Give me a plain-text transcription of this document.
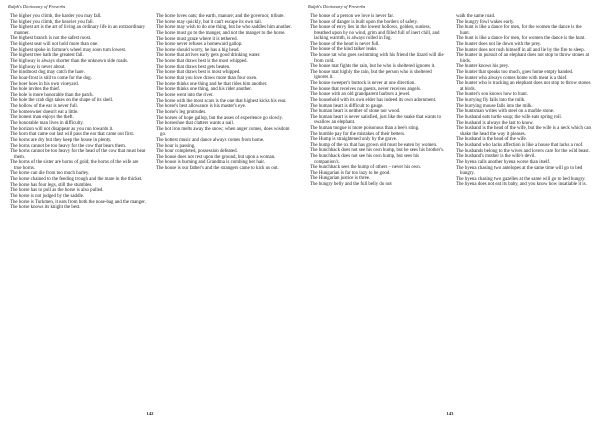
Ralph's Dictionary of Proverbs

The higher you climb, the harder you may fall.

The higher you climb, the heavier you fall.

The highest art is the art of living an ordinary life in an extraordinary manner.

The highest branch is not the safest roost.

The highest seat will not hold more than one.

The highest spoke in fortune's wheel may soon turn lowest.

The highest tree hath the greatest fall.

The highway is always shorter than the unknown side roads.

The highway is never about.

The hindmost dog may catch the hare.

The hoar-frost is still to come for the dog.

The hoer hoes in his own vineyard.

The hole invites the thief.

The hole is more honorable than the patch.

The hole the crab digs takes on the shape of its shell.

The hollow of the ear is never full.

The homeowner doesn't eat a little.

The honest man enjoys the theft.

The honorable man lives in difficulty.

The horizon will not disappear as you run towards it.

The horn that came out last will pass the ear that came out first.

The horns are dry but they keep the house in plenty.

The horns cannot be too heavy for the cow that bears them.

The horns cannot be too heavy for the head of the cow that must bear them.

The horns of the sister are horns of gold; the horns of the wife are true horns.

The horse can die from too much barley.

The horse chained to the feeding trough and the mare in the thicket.

The horse has four legs, still the stumbles.

The horse has to pull as the horse is also pulled.

The horse is not judged by the saddle.

The horse is Turkmen, it eats from both the nose-bag and the manger.

The horse knows its knight the best.

The horse loves oats; the earth, manure; and the governor, tribute.

The horse may quickly, but it can't escape its own tail.

The horse may wish to do one thing, but he who saddles him another.

The horse must go to the manger, and not the manger to the horse.

The horse must graze where it is tethered.

The horse never refuses a homeward gallop.

The horse should worry, he has a big head.

The horse that arrives early gets good drinking water.

The horse that draws best is the most whipped.

The horse that draws best gets beaten.

The horse that draws best is most whipped.

The horse that you love draws more than four oxen.

The horse thinks one thing and he that rides him another.

The horse thinks one thing, and his rider another.

The horse went into the river.

The horse with the most scars is the one that highest kicks his rear.

The horse's best allowance is his master's eye.

The horse's leg protrudes.

The horses of hope gallop, but the asses of experience go slowly.

The horseshoe that clatters wants a nail.

The hot iron melts away the snow; when anger comes, does wisdom go.

The hottest music and dance always comes from home.

The hour is passing.

The hour completed, possession defeated.

The house does not rest upon the ground, but upon a woman.

The house is burning and Grandma is combing her hair.

The house is our father's and the strangers came to kick us out.

142
Ralph's Dictionary of Proverbs

The house of a person we love is never far.

The house of danger is built upon the borders of safety.

The house of envy lies in the lowest hollows, golden, sunless, breathed upon by no wind, grim and filled full of inert chill, and lacking warmth, is always rolled in fog.

The house of the heart is never full.

The house of the kind talker leaks.

The house rat who goes swimming with his friend the lizard will die from cold.

The house mat fights the rain, but he who is sheltered ignores it.

The house mat highly the rain, but the person who is sheltered ignores it.

The house sweeper's buttock is never at one direction.

The house that receives no guests, never receives angels.

The house with an old grandparent harbors a jewel.

The household with its own elder has indeed its own adornment.

The human heart is difficult to gauge.

The human heart is neither of stone nor wood.

The human heart is never satisfied, just like the snake that wants to swallow an elephant.

The human tongue is more poisonous than a bee's sting.

The humble pay for the mistakes of their betters.

The Hump is straightened only by the grave.

The hump of the ox that has grown old must be eaten by women.

The hunchback does not see his own hump, but he sees his brother's.

The hunchback does not see his own hump, but sees his companion's.

The hunchback sees the hump of others – never his own.

The Hungarian is far too lazy to be good.

The Hungarian justice is three.

The hungry belly and the full belly do not

walk the same road.

The hungry fowl wakes early.

The hunt is like a dance for men, for the women the dance is the hunt.

The hunt is like a dance for men, for women the dance is the hunt.

The hunter does not lie down with the prey.

The hunter does not rush himself in all and lie by the fire to sleep.

The hunter in pursuit of an elephant does not stop to throw stones at birds.

The hunter knows his prey.

The hunter that speaks too much, goes home empty handed.

The hunter who always comes home with meat is a thief.

The hunter who is tracking an elephant does not stop to throw stones at birds.

The hunter's son knows how to hunt.

The hurrying fly falls into the milk.

The hurrying mouse falls into the milk.

The huntsman writes with steel on a marble stone.

The husband eats turtle soup; the wife eats spring roll.

The husband is always the last to know.

The husband is the head of the wife, but the wife is a neck which can shake the head the way it pleases.

The husband is the head of the wife.

The husband who lacks affection is like a house that lacks a roof.

The husbands belong to the wives and lovers care for the wild beast.

The husband's mother is the wife's devil.

The hyena calls another hyena worse than itself.

The hyena chasing two antelopes at the same time will go to bed hungry.

The hyena chasing two gazelles at the same will go to bed hungry.

The hyena does not eat its baby, and you know how insatiable it is.

143
